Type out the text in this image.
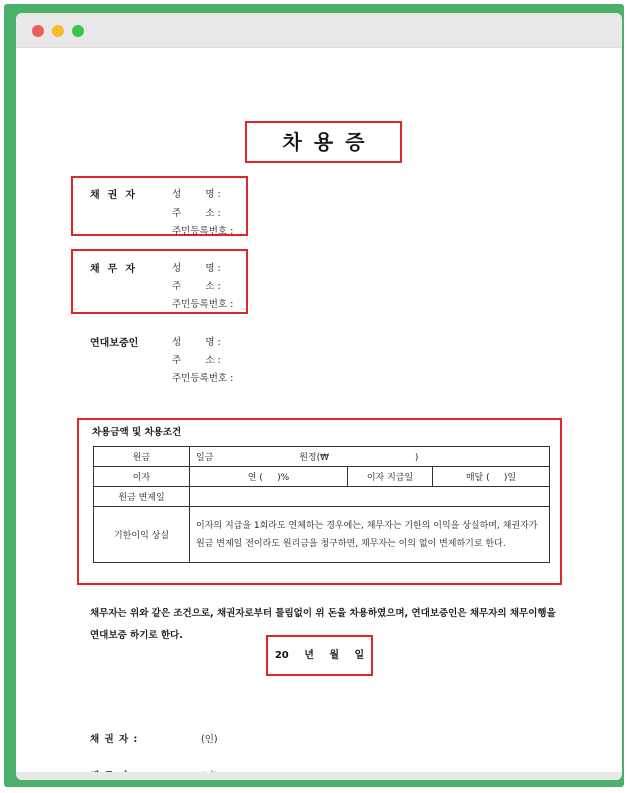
차용증
채권자	성        명 :
주        소 :
주민등록번호 :
채무자	성        명 :
주        소 :
주민등록번호 :
연대보증인	성        명 :
주        소 :
주민등록번호 :
차용금액 및 차용조건
원금	일금                              원정(₩                              )		
이자	연 (     )%	이자 지급일	매달 (     )일
원금 변제일			
기한이익 상실	이자의 지급을 1회라도 연체하는 경우에는, 채무자는 기한의 이익을 상실하며, 채권자가 원금 변제일 전이라도 원리금을 청구하면, 채무자는 이의 없이 변제하기로 한다.		
채무자는 위와 같은 조건으로, 채권자로부터 틀림없이 위 돈을 차용하였으며, 연대보증인은 채무자의 채무이행을 연대보증 하기로 한다.
20 년 월 일
채 권 자 :	(인)
